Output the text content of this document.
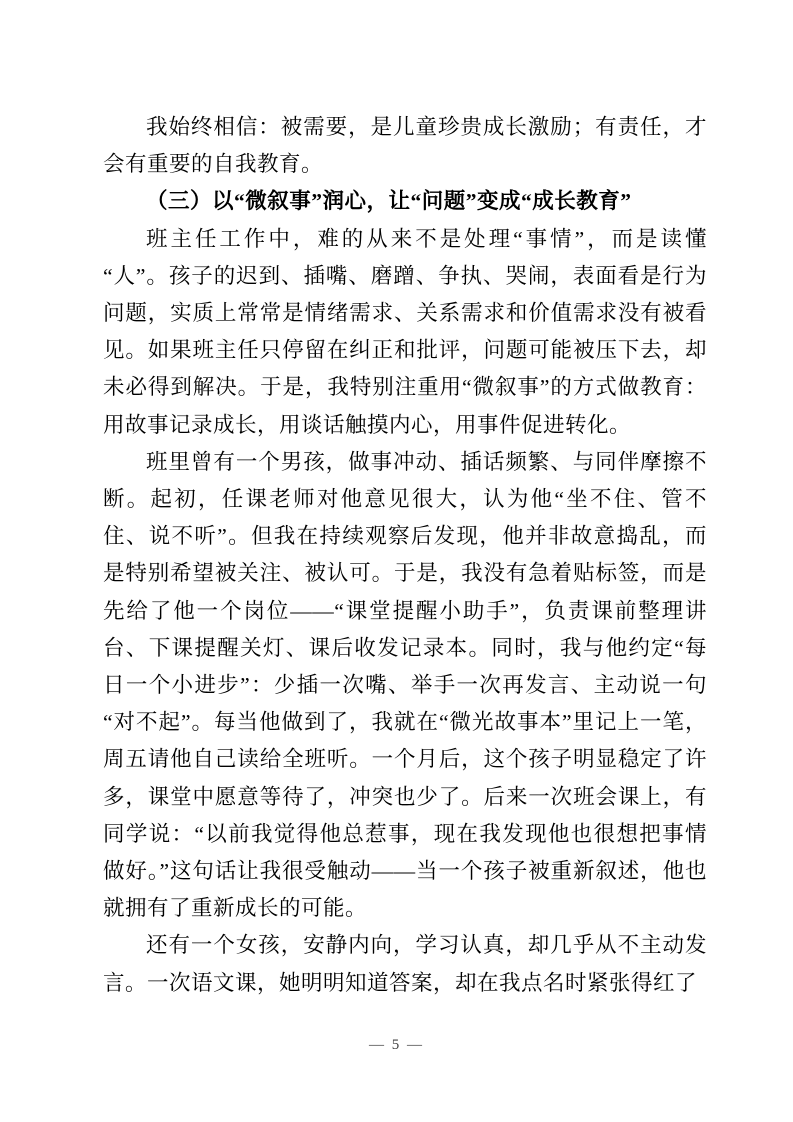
我始终相信：被需要，是儿童珍贵成长激励；有责任，才会有重要的自我教育。

（三）以“微叙事”润心，让“问题”变成“成长教育”

班主任工作中，难的从来不是处理“事情”，而是读懂“人”。孩子的迟到、插嘴、磨蹭、争执、哭闹，表面看是行为问题，实质上常常是情绪需求、关系需求和价值需求没有被看见。如果班主任只停留在纠正和批评，问题可能被压下去，却未必得到解决。于是，我特别注重用“微叙事”的方式做教育：用故事记录成长，用谈话触摸内心，用事件促进转化。

班里曾有一个男孩，做事冲动、插话频繁、与同伴摩擦不断。起初，任课老师对他意见很大，认为他“坐不住、管不住、说不听”。但我在持续观察后发现，他并非故意捣乱，而是特别希望被关注、被认可。于是，我没有急着贴标签，而是先给了他一个岗位——“课堂提醒小助手”，负责课前整理讲台、下课提醒关灯、课后收发记录本。同时，我与他约定“每日一个小进步”：少插一次嘴、举手一次再发言、主动说一句“对不起”。每当他做到了，我就在“微光故事本”里记上一笔，周五请他自己读给全班听。一个月后，这个孩子明显稳定了许多，课堂中愿意等待了，冲突也少了。后来一次班会课上，有同学说：“以前我觉得他总惹事，现在我发现他也很想把事情做好。”这句话让我很受触动——当一个孩子被重新叙述，他也就拥有了重新成长的可能。

还有一个女孩，安静内向，学习认真，却几乎从不主动发言。一次语文课，她明明知道答案，却在我点名时紧张得红了

— 5 —
